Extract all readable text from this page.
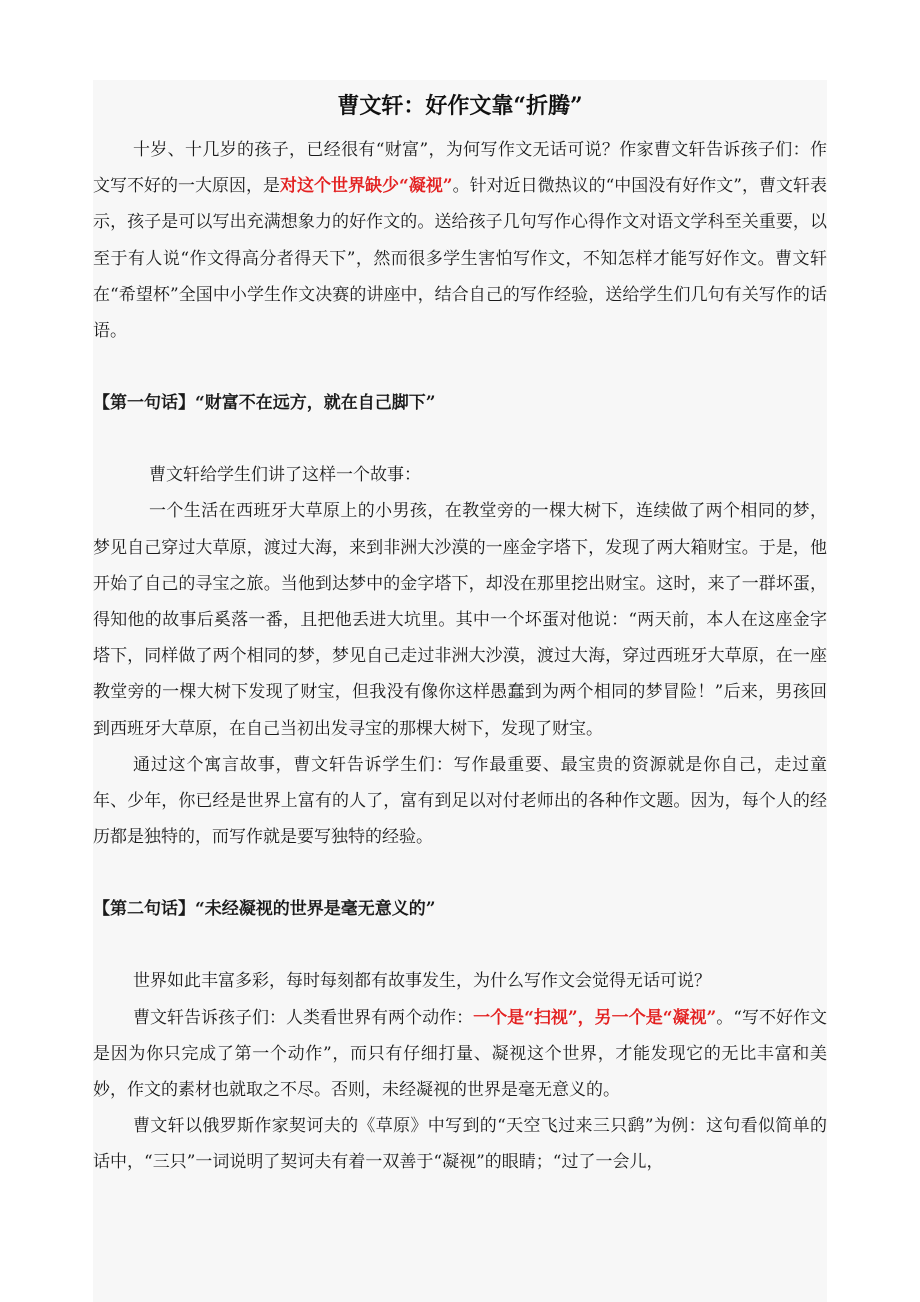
曹文轩：好作文靠“折腾”

十岁、十几岁的孩子，已经很有“财富”，为何写作文无话可说？作家曹文轩告诉孩子们：作文写不好的一大原因，是对这个世界缺少“凝视”。针对近日微热议的“中国没有好作文”，曹文轩表示，孩子是可以写出充满想象力的好作文的。送给孩子几句写作心得作文对语文学科至关重要，以至于有人说“作文得高分者得天下”，然而很多学生害怕写作文，不知怎样才能写好作文。曹文轩在“希望杯”全国中小学生作文决赛的讲座中，结合自己的写作经验，送给学生们几句有关写作的话语。

【第一句话】“财富不在远方，就在自己脚下”

曹文轩给学生们讲了这样一个故事：

一个生活在西班牙大草原上的小男孩，在教堂旁的一棵大树下，连续做了两个相同的梦，梦见自己穿过大草原，渡过大海，来到非洲大沙漠的一座金字塔下，发现了两大箱财宝。于是，他开始了自己的寻宝之旅。当他到达梦中的金字塔下，却没在那里挖出财宝。这时，来了一群坏蛋，得知他的故事后奚落一番，且把他丢进大坑里。其中一个坏蛋对他说：“两天前，本人在这座金字塔下，同样做了两个相同的梦，梦见自己走过非洲大沙漠，渡过大海，穿过西班牙大草原，在一座教堂旁的一棵大树下发现了财宝，但我没有像你这样愚蠢到为两个相同的梦冒险！”后来，男孩回到西班牙大草原，在自己当初出发寻宝的那棵大树下，发现了财宝。

通过这个寓言故事，曹文轩告诉学生们：写作最重要、最宝贵的资源就是你自己，走过童年、少年，你已经是世界上富有的人了，富有到足以对付老师出的各种作文题。因为，每个人的经历都是独特的，而写作就是要写独特的经验。

【第二句话】“未经凝视的世界是毫无意义的”

世界如此丰富多彩，每时每刻都有故事发生，为什么写作文会觉得无话可说？

曹文轩告诉孩子们：人类看世界有两个动作：一个是“扫视”，另一个是“凝视”。“写不好作文是因为你只完成了第一个动作”，而只有仔细打量、凝视这个世界，才能发现它的无比丰富和美妙，作文的素材也就取之不尽。否则，未经凝视的世界是毫无意义的。

曹文轩以俄罗斯作家契诃夫的《草原》中写到的“天空飞过来三只鹞”为例：这句看似简单的话中，“三只”一词说明了契诃夫有着一双善于“凝视”的眼睛；“过了一会儿，
